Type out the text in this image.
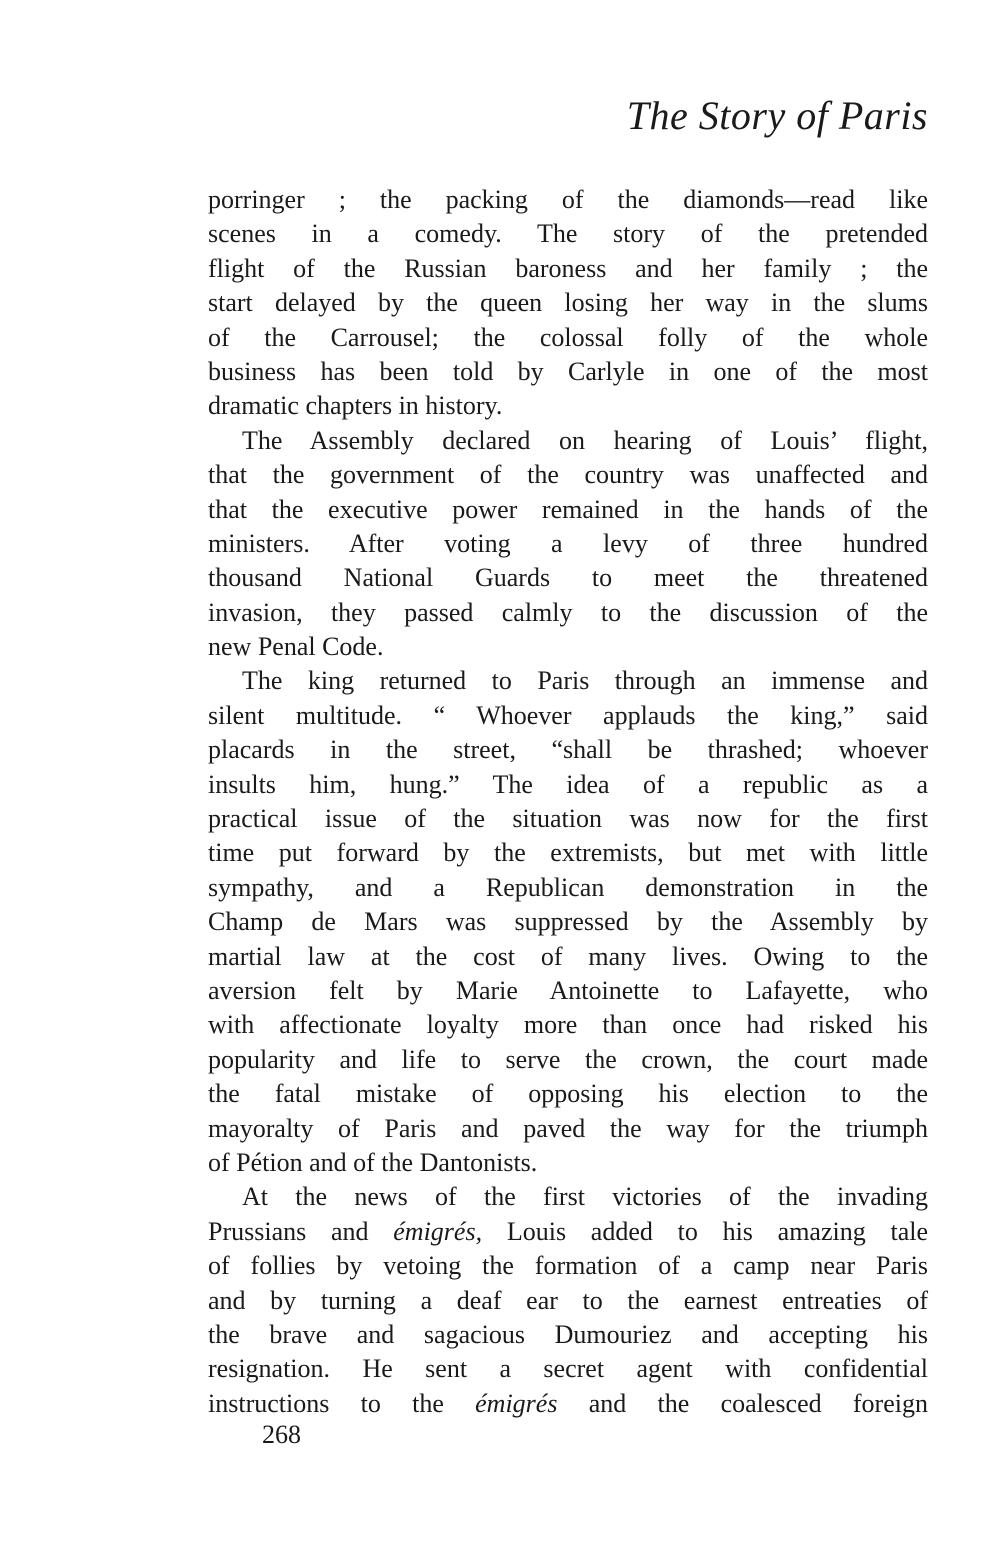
The Story of Paris
porringer ; the packing of the diamonds—read like
scenes in a comedy. The story of the pretended
flight of the Russian baroness and her family ; the
start delayed by the queen losing her way in the slums
of the Carrousel; the colossal folly of the whole
business has been told by Carlyle in one of the most
dramatic chapters in history.
The Assembly declared on hearing of Louis’ flight,
that the government of the country was unaffected and
that the executive power remained in the hands of the
ministers. After voting a levy of three hundred
thousand National Guards to meet the threatened
invasion, they passed calmly to the discussion of the
new Penal Code.
The king returned to Paris through an immense and
silent multitude. “ Whoever applauds the king,” said
placards in the street, “shall be thrashed; whoever
insults him, hung.” The idea of a republic as a
practical issue of the situation was now for the first
time put forward by the extremists, but met with little
sympathy, and a Republican demonstration in the
Champ de Mars was suppressed by the Assembly by
martial law at the cost of many lives. Owing to the
aversion felt by Marie Antoinette to Lafayette, who
with affectionate loyalty more than once had risked his
popularity and life to serve the crown, the court made
the fatal mistake of opposing his election to the
mayoralty of Paris and paved the way for the triumph
of Pétion and of the Dantonists.
At the news of the first victories of the invading
Prussians and émigrés, Louis added to his amazing tale
of follies by vetoing the formation of a camp near Paris
and by turning a deaf ear to the earnest entreaties of
the brave and sagacious Dumouriez and accepting his
resignation. He sent a secret agent with confidential
instructions to the émigrés and the coalesced foreign
268
